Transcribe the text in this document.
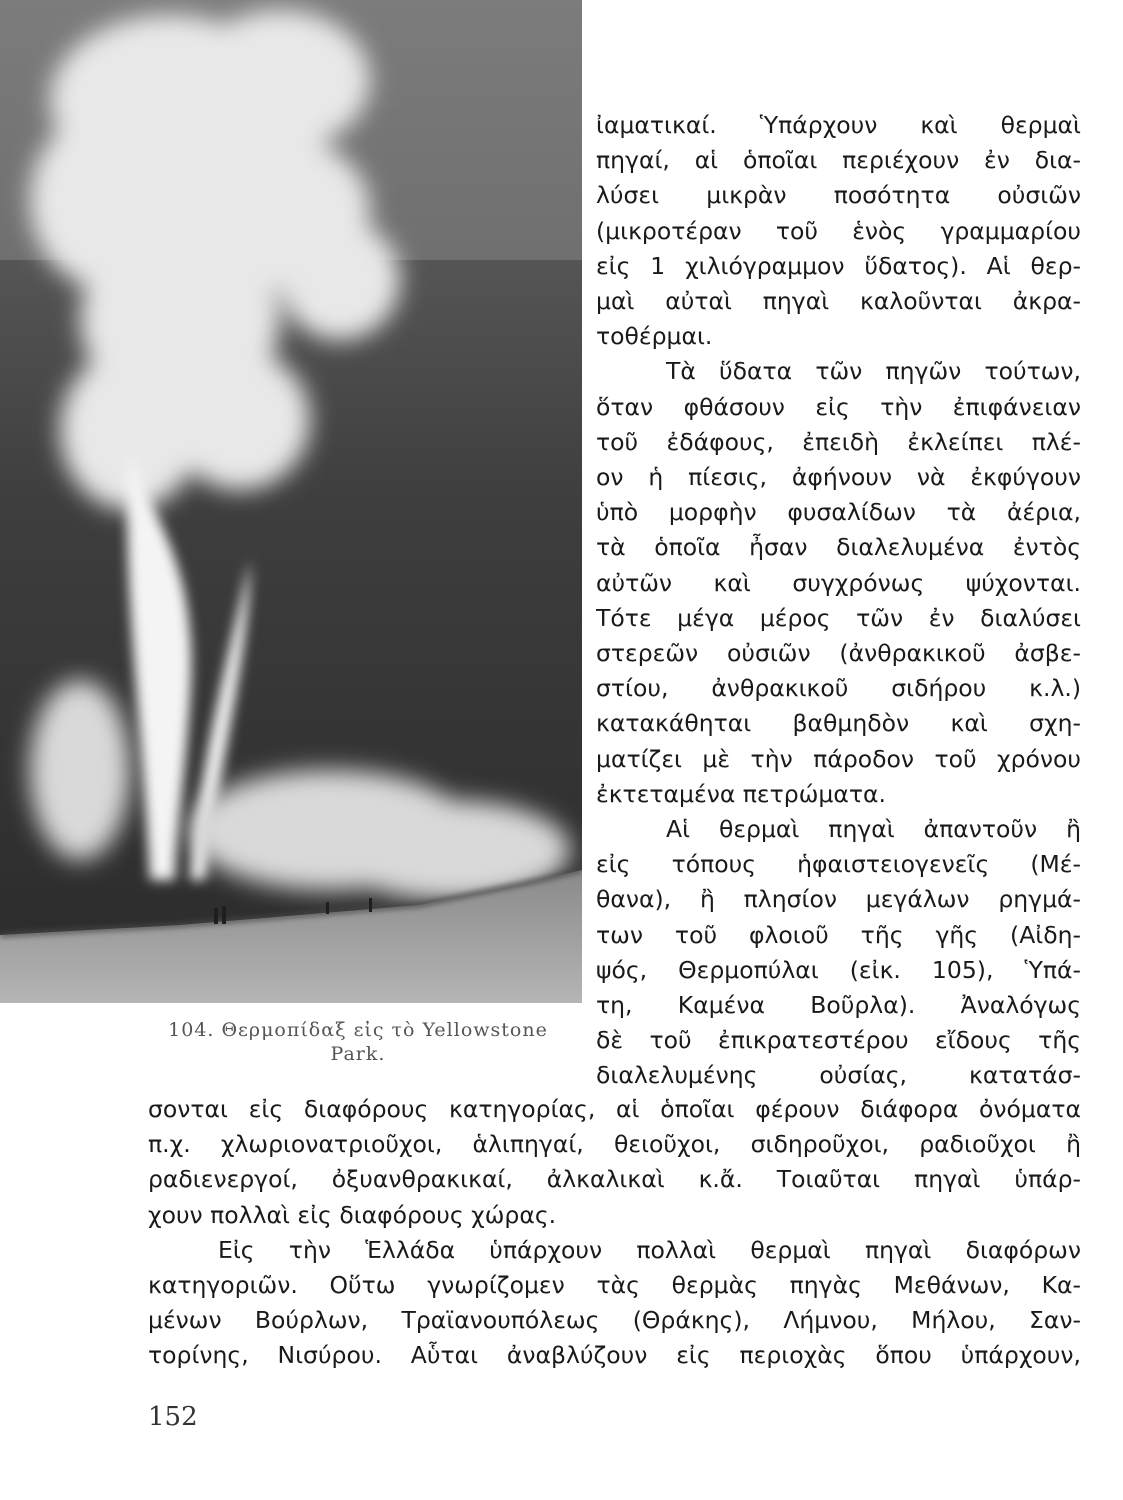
104. Θερμοπίδαξ εἰς τὸ Yellowstone
Park.
ἰαματικαί. Ὑπάρχουν καὶ θερμαὶ
πηγαί, αἱ ὁποῖαι περιέχουν ἐν δια-
λύσει μικρὰν ποσότητα οὐσιῶν
(μικροτέραν τοῦ ἑνὸς γραμμαρίου
εἰς 1 χιλιόγραμμον ὕδατος). Αἱ θερ-
μαὶ αὐταὶ πηγαὶ καλοῦνται ἀκρα-
τοθέρμαι.
Τὰ ὕδατα τῶν πηγῶν τούτων,
ὅταν φθάσουν εἰς τὴν ἐπιφάνειαν
τοῦ ἐδάφους, ἐπειδὴ ἐκλείπει πλέ-
ον ἡ πίεσις, ἀφήνουν νὰ ἐκφύγουν
ὑπὸ μορφὴν φυσαλίδων τὰ ἀέρια,
τὰ ὁποῖα ἦσαν διαλελυμένα ἐντὸς
αὐτῶν καὶ συγχρόνως ψύχονται.
Τότε μέγα μέρος τῶν ἐν διαλύσει
στερεῶν οὐσιῶν (ἀνθρακικοῦ ἀσβε-
στίου, ἀνθρακικοῦ σιδήρου κ.λ.)
κατακάθηται βαθμηδὸν καὶ σχη-
ματίζει μὲ τὴν πάροδον τοῦ χρόνου
ἐκτεταμένα πετρώματα.
Αἱ θερμαὶ πηγαὶ ἀπαντοῦν ἢ
εἰς τόπους ἡφαιστειογενεῖς (Μέ-
θανα), ἢ πλησίον μεγάλων ρηγμά-
των τοῦ φλοιοῦ τῆς γῆς (Αἰδη-
ψός, Θερμοπύλαι (εἰκ. 105), Ὑπά-
τη, Καμένα Βοῦρλα). Ἀναλόγως
δὲ τοῦ ἐπικρατεστέρου εἴδους τῆς
διαλελυμένης οὐσίας, κατατάσ-
σονται εἰς διαφόρους κατηγορίας, αἱ ὁποῖαι φέρουν διάφορα ὀνόματα
π.χ. χλωριονατριοῦχοι, ἁλιπηγαί, θειοῦχοι, σιδηροῦχοι, ραδιοῦχοι ἢ
ραδιενεργοί, ὀξυανθρακικαί, ἀλκαλικαὶ κ.ἄ. Τοιαῦται πηγαὶ ὑπάρ-
χουν πολλαὶ εἰς διαφόρους χώρας.
Εἰς τὴν Ἑλλάδα ὑπάρχουν πολλαὶ θερμαὶ πηγαὶ διαφόρων
κατηγοριῶν. Οὕτω γνωρίζομεν τὰς θερμὰς πηγὰς Μεθάνων, Κα-
μένων Βούρλων, Τραϊανουπόλεως (Θράκης), Λήμνου, Μήλου, Σαν-
τορίνης, Νισύρου. Αὗται ἀναβλύζουν εἰς περιοχὰς ὅπου ὑπάρχουν,
152
